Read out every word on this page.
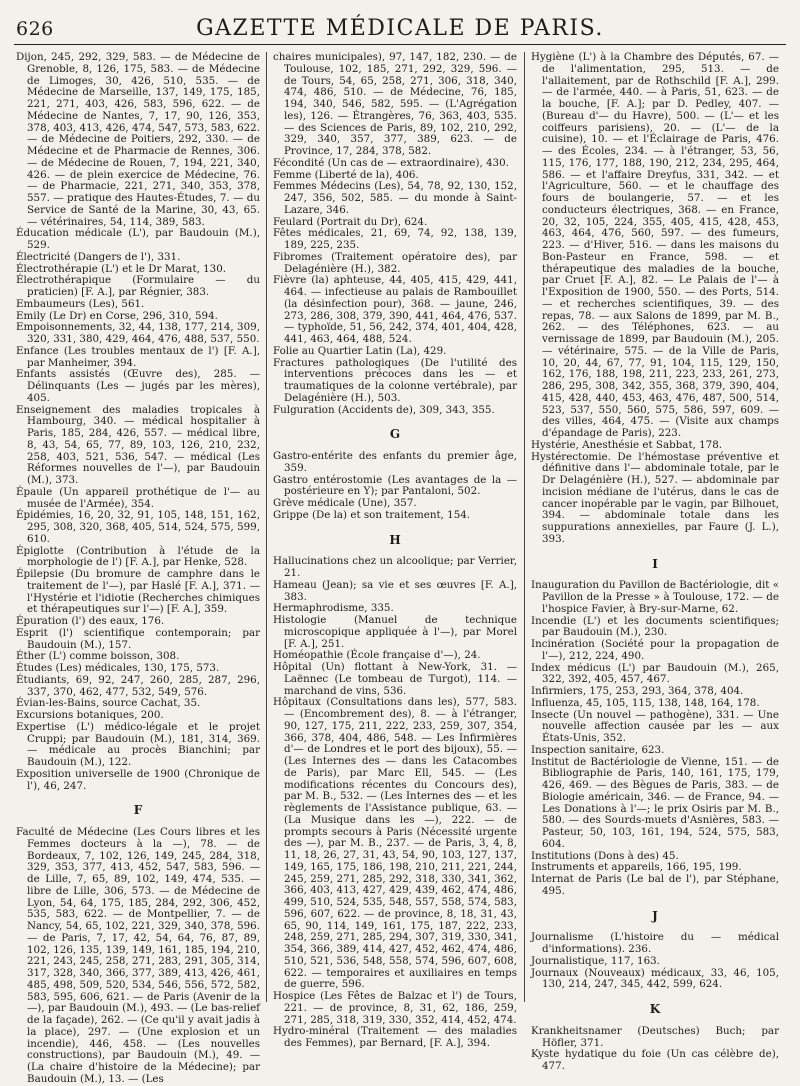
626	GAZETTE MÉDICALE DE PARIS.
Dijon, 245, 292, 329, 583. — de Médecine de Grenoble, 8, 126, 175, 583. — de Médecine de Limoges, 30, 426, 510, 535. — de Médecine de Marseille, 137, 149, 175, 185, 221, 271, 403, 426, 583, 596, 622. — de Médecine de Nantes, 7, 17, 90, 126, 353, 378, 403, 413, 426, 474, 547, 573, 583, 622. — de Médecine de Poitiers, 292, 330. — de Médecine et de Pharmacie de Rennes, 306. — de Médecine de Rouen, 7, 194, 221, 340, 426. — de plein exercice de Médecine, 76. — de Pharmacie, 221, 271, 340, 353, 378, 557. — pratique des Hautes-Études, 7. — du Service de Santé de la Marine, 30, 43, 65. — vétérinaires, 54, 114, 389, 583.
Éducation médicale (L'), par Baudouin (M.), 529.
Électricité (Dangers de l'), 331.
Électrothérapie (L') et le Dr Marat, 130.
Électrothérapique (Formulaire — du praticien) [F. A.], par Régnier, 383.
Embaumeurs (Les), 561.
Emily (Le Dr) en Corse, 296, 310, 594.
Empoisonnements, 32, 44, 138, 177, 214, 309, 320, 331, 380, 429, 464, 476, 488, 537, 550.
Enfance (Les troubles mentaux de l') [F. A.], par Manheimer, 394.
Enfants assistés (Œuvre des), 285. — Délinquants (Les — jugés par les mères), 405.
Enseignement des maladies tropicales à Hambourg, 340. — médical hospitalier à Paris, 185, 284, 426, 557. — médical libre, 8, 43, 54, 65, 77, 89, 103, 126, 210, 232, 258, 403, 521, 536, 547. — médical (Les Réformes nouvelles de l'—), par Baudouin (M.), 373.
Épaule (Un appareil prothétique de l'— au musée de l'Armée), 354.
Épidémies, 16, 20, 32, 91, 105, 148, 151, 162, 295, 308, 320, 368, 405, 514, 524, 575, 599, 610.
Épiglotte (Contribution à l'étude de la morphologie de l') [F. A.], par Henke, 528.
Épilepsie (Du bromure de camphre dans le traitement de l'—), par Haslé [F. A.], 371. — l'Hystérie et l'idiotie (Recherches chimiques et thérapeutiques sur l'—) [F. A.], 359.
Épuration (l') des eaux, 176.
Esprit (l') scientifique contemporain; par Baudouin (M.), 157.
Éther (L') comme boisson, 308.
Études (Les) médicales, 130, 175, 573.
Étudiants, 69, 92, 247, 260, 285, 287, 296, 337, 370, 462, 477, 532, 549, 576.
Évian-les-Bains, source Cachat, 35.
Excursions botaniques, 200.
Expertise (L') médico-légale et le projet Cruppi; par Baudouin (M.), 181, 314, 369. — médicale au procès Bianchini; par Baudouin (M.), 122.
Exposition universelle de 1900 (Chronique de l'), 46, 247.
F
Faculté de Médecine (Les Cours libres et les Femmes docteurs à la —), 78. — de Bordeaux, 7, 102, 126, 149, 245, 284, 318, 329, 353, 377, 413, 452, 547, 583, 596. — de Lille, 7, 65, 89, 102, 149, 474, 535. — libre de Lille, 306, 573. — de Médecine de Lyon, 54, 64, 175, 185, 284, 292, 306, 452, 535, 583, 622. — de Montpellier, 7. — de Nancy, 54, 65, 102, 221, 329, 340, 378, 596. — de Paris, 7, 17, 42, 54, 64, 76, 87, 89, 102, 126, 135, 139, 149, 161, 185, 194, 210, 221, 243, 245, 258, 271, 283, 291, 305, 314, 317, 328, 340, 366, 377, 389, 413, 426, 461, 485, 498, 509, 520, 534, 546, 556, 572, 582, 583, 595, 606, 621. — de Paris (Avenir de la —), par Baudouin (M.), 493. — (Le bas-relief de la façade), 262. — (Ce qu'il y avait jadis à la place), 297. — (Une explosion et un incendie), 446, 458. — (Les nouvelles constructions), par Baudouin (M.), 49. — (La chaire d'histoire de la Médecine); par Baudouin (M.), 13. — (Les
chaires municipales), 97, 147, 182, 230. — de Toulouse, 102, 185, 271, 292, 329, 596. — de Tours, 54, 65, 258, 271, 306, 318, 340, 474, 486, 510. — de Médecine, 76, 185, 194, 340, 546, 582, 595. — (L'Agrégation les), 126. — Étrangères, 76, 363, 403, 535. — des Sciences de Paris, 89, 102, 210, 292, 329, 340, 357, 377, 389, 623. — de Province, 17, 284, 378, 582.
Fécondité (Un cas de — extraordinaire), 430.
Femme (Liberté de la), 406.
Femmes Médecins (Les), 54, 78, 92, 130, 152, 247, 356, 502, 585. — du monde à Saint-Lazare, 346.
Feulard (Portrait du Dr), 624.
Fêtes médicales, 21, 69, 74, 92, 138, 139, 189, 225, 235.
Fibromes (Traitement opératoire des), par Delagénière (H.), 382.
Fièvre (la) aphteuse, 44, 405, 415, 429, 441, 464. — infectieuse au palais de Rambouillet (la désinfection pour), 368. — jaune, 246, 273, 286, 308, 379, 390, 441, 464, 476, 537. — typhoïde, 51, 56, 242, 374, 401, 404, 428, 441, 463, 464, 488, 524.
Folie au Quartier Latin (La), 429.
Fractures pathologiques (De l'utilité des interventions précoces dans les — et traumatiques de la colonne vertébrale), par Delagénière (H.), 503.
Fulguration (Accidents de), 309, 343, 355.
G
Gastro-entérite des enfants du premier âge, 359.
Gastro entérostomie (Les avantages de la — postérieure en Y); par Pantaloni, 502.
Grève médicale (Une), 357.
Grippe (De la) et son traitement, 154.
H
Hallucinations chez un alcoolique; par Verrier, 21.
Hameau (Jean); sa vie et ses œuvres [F. A.], 383.
Hermaphrodisme, 335.
Histologie (Manuel de technique microscopique appliquée à l'—), par Morel [F. A.], 251.
Homéopathie (École française d'—), 24.
Hôpital (Un) flottant à New-York, 31. — Laënnec (Le tombeau de Turgot), 114. — marchand de vins, 536.
Hôpitaux (Consultations dans les), 577, 583. — (Encombrement des), 8. — à l'étranger, 90, 127, 175, 211, 222, 233, 259, 307, 354, 366, 378, 404, 486, 548. — Les Infirmières d'— de Londres et le port des bijoux), 55. — (Les Internes des — dans les Catacombes de Paris), par Marc Ell, 545. — (Les modifications récentes du Concours des), par M. B., 532. — (Les Internes des — et les règlements de l'Assistance publique, 63. — (La Musique dans les —), 222. — de prompts secours à Paris (Nécessité urgente des —), par M. B., 237. — de Paris, 3, 4, 8, 11, 18, 26, 27, 31, 43, 54, 90, 103, 127, 137, 149, 165, 175, 186, 198, 210, 211, 221, 244, 245, 259, 271, 285, 292, 318, 330, 341, 362, 366, 403, 413, 427, 429, 439, 462, 474, 486, 499, 510, 524, 535, 548, 557, 558, 574, 583, 596, 607, 622. — de province, 8, 18, 31, 43, 65, 90, 114, 149, 161, 175, 187, 222, 233, 248, 259, 271, 285, 294, 307, 319, 330, 341, 354, 366, 389, 414, 427, 452, 462, 474, 486, 510, 521, 536, 548, 558, 574, 596, 607, 608, 622. — temporaires et auxiliaires en temps de guerre, 596.
Hospice (Les Fêtes de Balzac et l') de Tours, 221. — de province, 8, 31, 62, 186, 259, 271, 285, 318, 319, 330, 352, 414, 452, 474.
Hydro-minéral (Traitement — des maladies des Femmes), par Bernard, [F. A.], 394.
Hygiène (L') à la Chambre des Députés, 67. — de l'alimentation, 295, 513. — de l'allaitement, par de Rothschild [F. A.], 299. — de l'armée, 440. — à Paris, 51, 623. — de la bouche, [F. A.]; par D. Pedley, 407. — (Bureau d'— du Havre), 500. — (L'— et les coiffeurs parisiens), 20. — (L'— de la cuisine), 10. — et l'Éclairage de Paris, 476. — des Écoles, 234. — à l'étranger, 53, 56, 115, 176, 177, 188, 190, 212, 234, 295, 464, 586. — et l'affaire Dreyfus, 331, 342. — et l'Agriculture, 560. — et le chauffage des fours de boulangerie, 57. — et les conducteurs électriques, 368. — en France, 20, 32, 105, 224, 355, 405, 415, 428, 453, 463, 464, 476, 560, 597. — des fumeurs, 223. — d'Hiver, 516. — dans les maisons du Bon-Pasteur en France, 598. — et thérapeutique des maladies de la bouche, par Cruet [F. A.], 82. — Le Palais de l'— à l'Exposition de 1900, 550. — des Ports, 514. — et recherches scientifiques, 39. — des repas, 78. — aux Salons de 1899, par M. B., 262. — des Téléphones, 623. — au vernissage de 1899, par Baudouin (M.), 205. — vétérinaire, 575. — de la Ville de Paris, 10, 20, 44, 67, 77, 91, 104, 115, 129, 150, 162, 176, 188, 198, 211, 223, 233, 261, 273, 286, 295, 308, 342, 355, 368, 379, 390, 404, 415, 428, 440, 453, 463, 476, 487, 500, 514, 523, 537, 550, 560, 575, 586, 597, 609. — des villes, 464, 475. — (Visite aux champs d'épandage de Paris), 223.
Hystérie, Anesthésie et Sabbat, 178.
Hystérectomie. De l'hémostase préventive et définitive dans l'— abdominale totale, par le Dr Delagénière (H.), 527. — abdominale par incision médiane de l'utérus, dans le cas de cancer inopérable par le vagin, par Bilhouet, 394. — abdominale totale dans les suppurations annexielles, par Faure (J. L.), 393.
I
Inauguration du Pavillon de Bactériologie, dit « Pavillon de la Presse » à Toulouse, 172. — de l'hospice Favier, à Bry-sur-Marne, 62.
Incendie (L') et les documents scientifiques; par Baudouin (M.), 230.
Incinération (Société pour la propagation de l'—), 212, 224, 490.
Index médicus (L') par Baudouin (M.), 265, 322, 392, 405, 457, 467.
Infirmiers, 175, 253, 293, 364, 378, 404.
Influenza, 45, 105, 115, 138, 148, 164, 178.
Insecte (Un nouvel — pathogène), 331. — Une nouvelle affection causée par les — aux États-Unis, 352.
Inspection sanitaire, 623.
Institut de Bactériologie de Vienne, 151. — de Bibliographie de Paris, 140, 161, 175, 179, 426, 469. — des Bègues de Paris, 383. — de Biologie américain, 346. — de France, 94. — Les Donations à l'—; le prix Osiris par M. B., 580. — des Sourds-muets d'Asnières, 583. — Pasteur, 50, 103, 161, 194, 524, 575, 583, 604.
Institutions (Dons à des) 45.
Instruments et appareils, 166, 195, 199.
Internat de Paris (Le bal de l'), par Stéphane, 495.
J
Journalisme (L'histoire du — médical d'informations). 236.
Journalistique, 117, 163.
Journaux (Nouveaux) médicaux, 33, 46, 105, 130, 214, 247, 345, 442, 599, 624.
K
Krankheitsnamer (Deutsches) Buch; par Höfler, 371.
Kyste hydatique du foie (Un cas célèbre de), 477.
